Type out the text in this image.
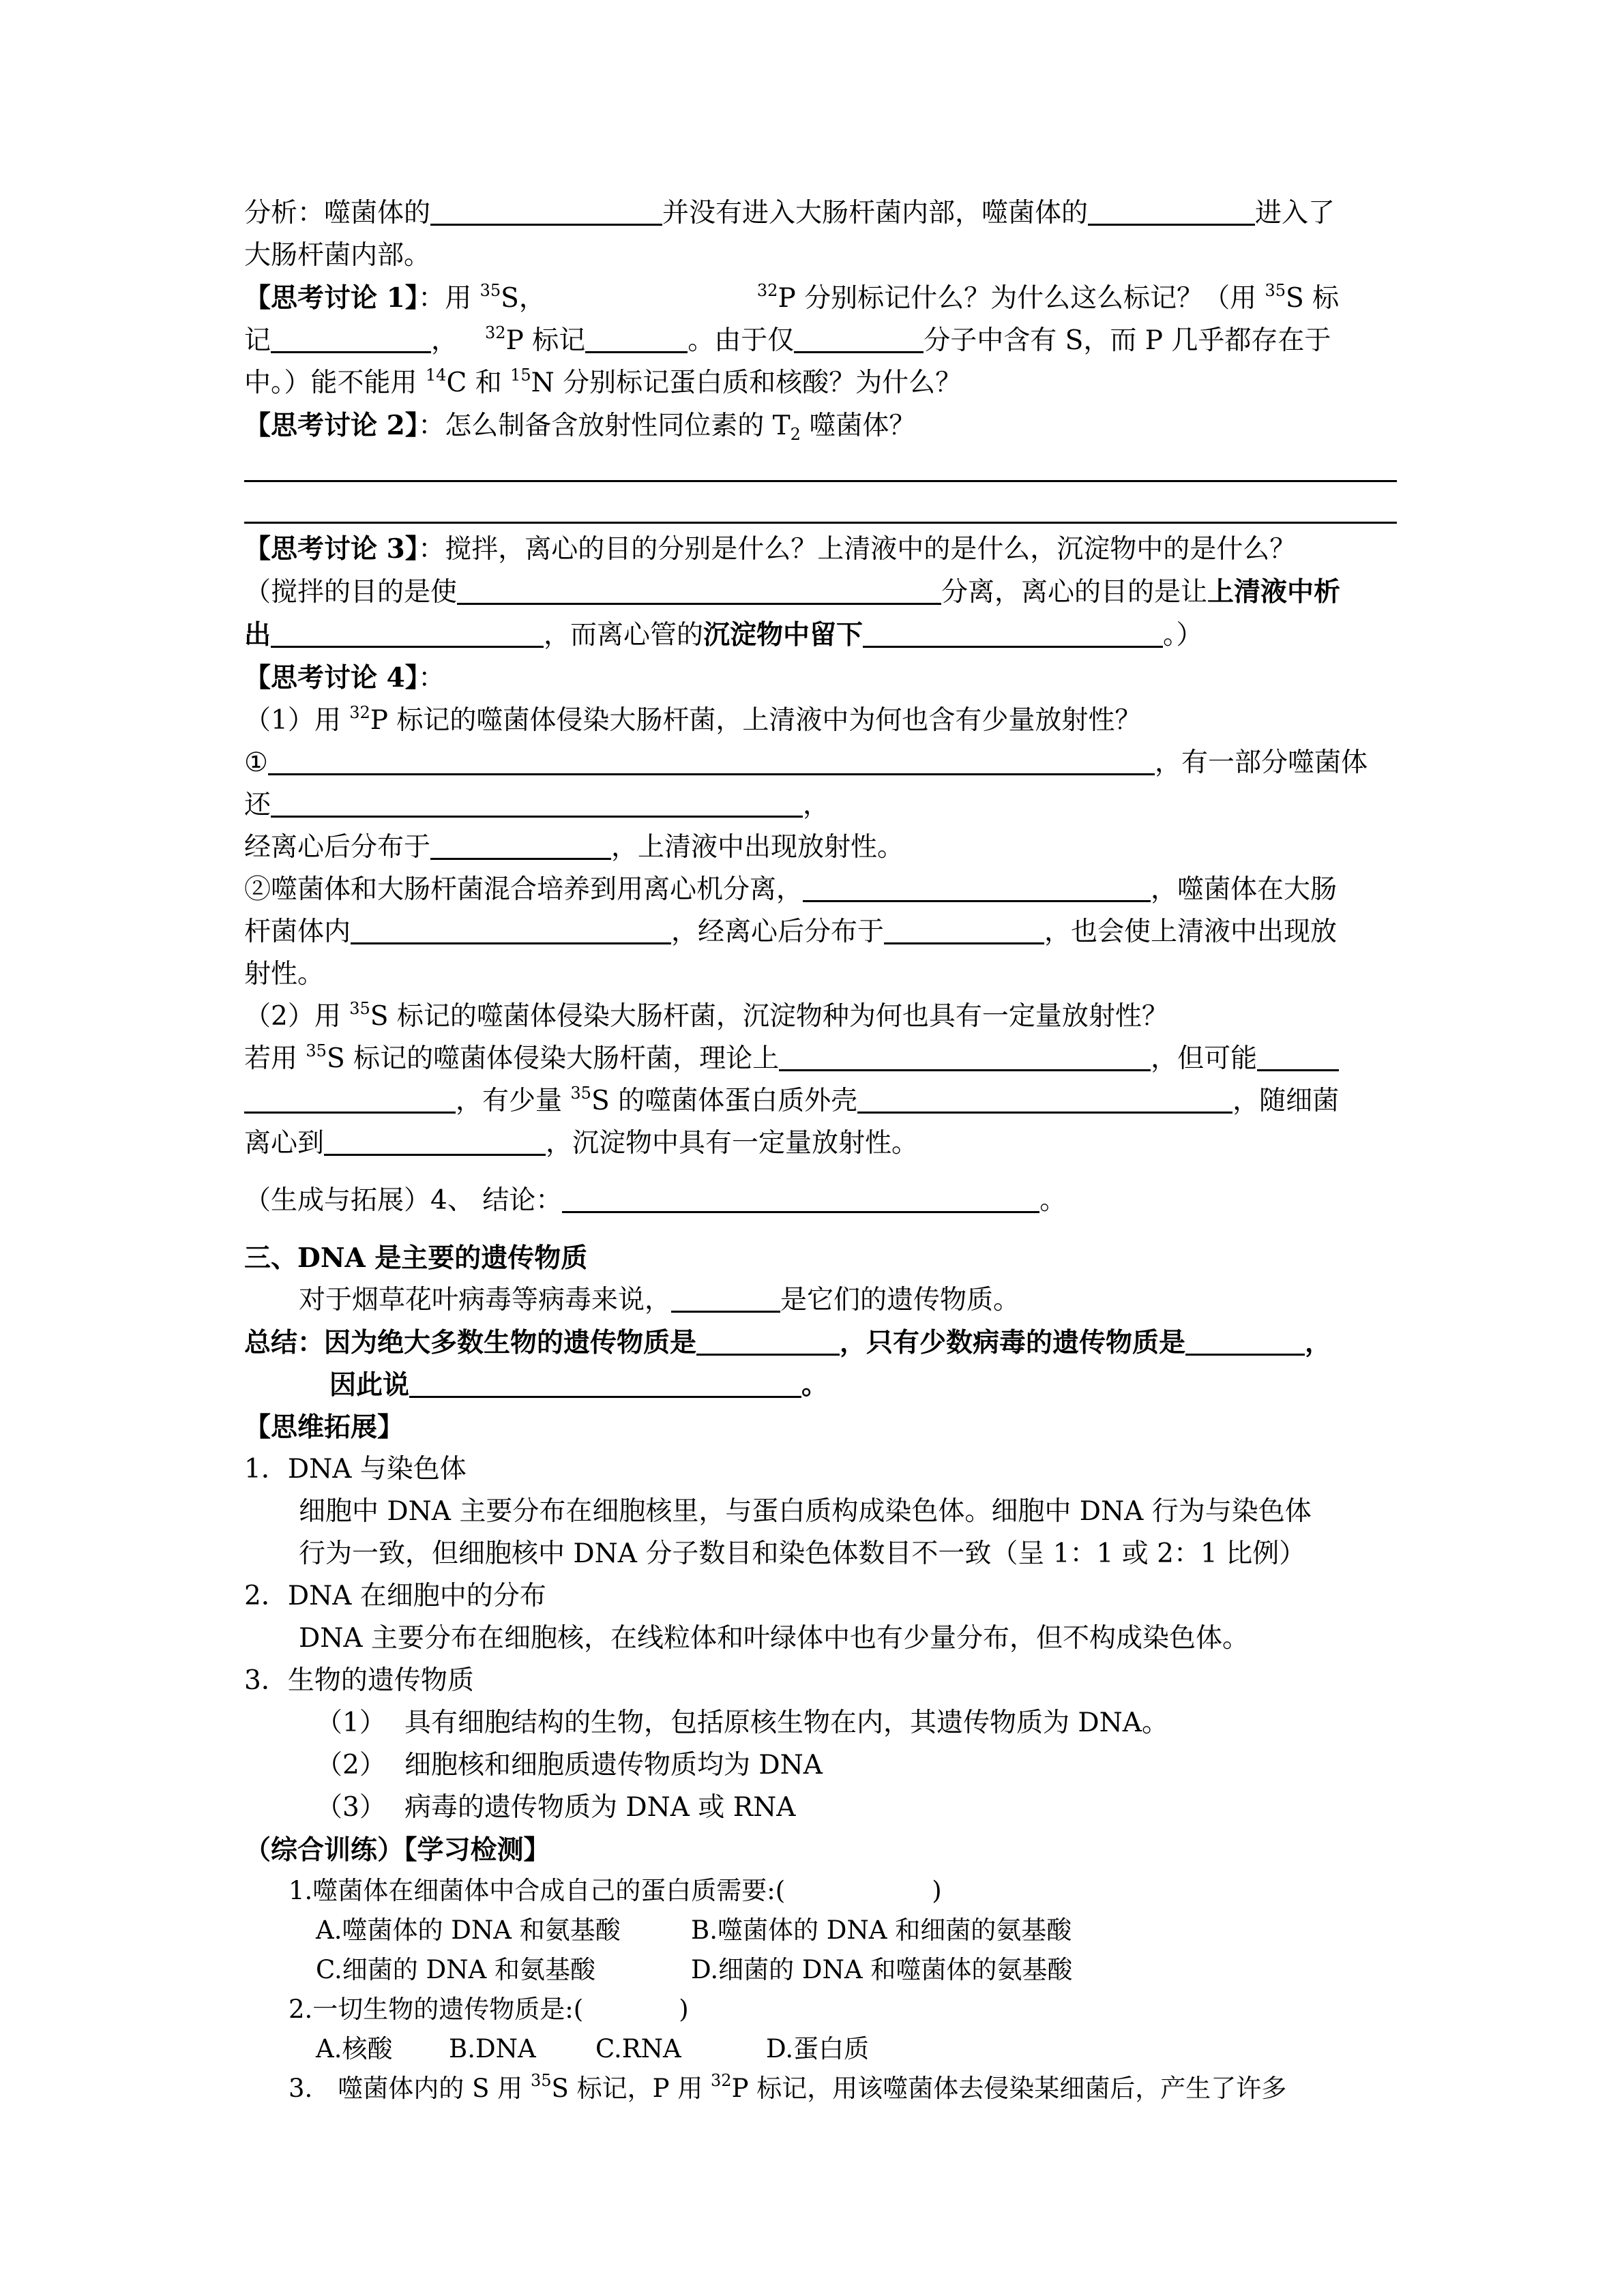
分析：噬菌体的	并没有进入大肠杆菌内部，噬菌体的	进入了

大肠杆菌内部。

【思考讨论 1】：用 $^{35}$S，	$^{32}$P 分别标记什么？为什么这么标记？（用 $^{35}$S 标

记	， $^{32}$P 标记	。由于仅	分子中含有 S，而 P 几乎都存在于

中。）能不能用 $^{14}$C 和 $^{15}$N 分别标记蛋白质和核酸？为什么？

【思考讨论 2】：怎么制备含放射性同位素的 $T_2$ 噬菌体？

【思考讨论 3】：搅拌，离心的目的分别是什么？上清液中的是什么，沉淀物中的是什么？

（搅拌的目的是使	分离，离心的目的是让上清液中析

出	，而离心管的沉淀物中留下	。）

【思考讨论 4】：

（1）用 $^{32}$P 标记的噬菌体侵染大肠杆菌，上清液中为何也含有少量放射性？

①	，有一部分噬菌体

还	，

经离心后分布于	，上清液中出现放射性。

②噬菌体和大肠杆菌混合培养到用离心机分离，	，噬菌体在大肠

杆菌体内	，经离心后分布于	，也会使上清液中出现放

射性。

（2）用 $^{35}$S 标记的噬菌体侵染大肠杆菌，沉淀物种为何也具有一定量放射性？

若用 $^{35}$S 标记的噬菌体侵染大肠杆菌，理论上	，但可能

，有少量 $^{35}$S 的噬菌体蛋白质外壳	，随细菌

离心到	，沉淀物中具有一定量放射性。

（生成与拓展）4、 结论：	。

三、DNA 是主要的遗传物质

对于烟草花叶病毒等病毒来说，	是它们的遗传物质。

总结：因为绝大多数生物的遗传物质是	，只有少数病毒的遗传物质是	，

因此说	。

【思维拓展】

1．DNA 与染色体

细胞中 DNA 主要分布在细胞核里，与蛋白质构成染色体。细胞中 DNA 行为与染色体

行为一致，但细胞核中 DNA 分子数目和染色体数目不一致（呈 1：1 或 2：1 比例）

2．DNA 在细胞中的分布

DNA 主要分布在细胞核，在线粒体和叶绿体中也有少量分布，但不构成染色体。

3．生物的遗传物质

（1） 具有细胞结构的生物，包括原核生物在内，其遗传物质为 DNA。

（2） 细胞核和细胞质遗传物质均为 DNA

（3） 病毒的遗传物质为 DNA 或 RNA

（综合训练）【学习检测】

1.噬菌体在细菌体中合成自己的蛋白质需要:(	)

A.噬菌体的 DNA 和氨基酸	B.噬菌体的 DNA 和细菌的氨基酸

C.细菌的 DNA 和氨基酸	D.细菌的 DNA 和噬菌体的氨基酸

2.一切生物的遗传物质是:(	)

A.核酸 B.DNA C.RNA	D.蛋白质

3.　噬菌体内的 S 用 $^{35}$S 标记，P 用 $^{32}$P 标记，用该噬菌体去侵染某细菌后，产生了许多
